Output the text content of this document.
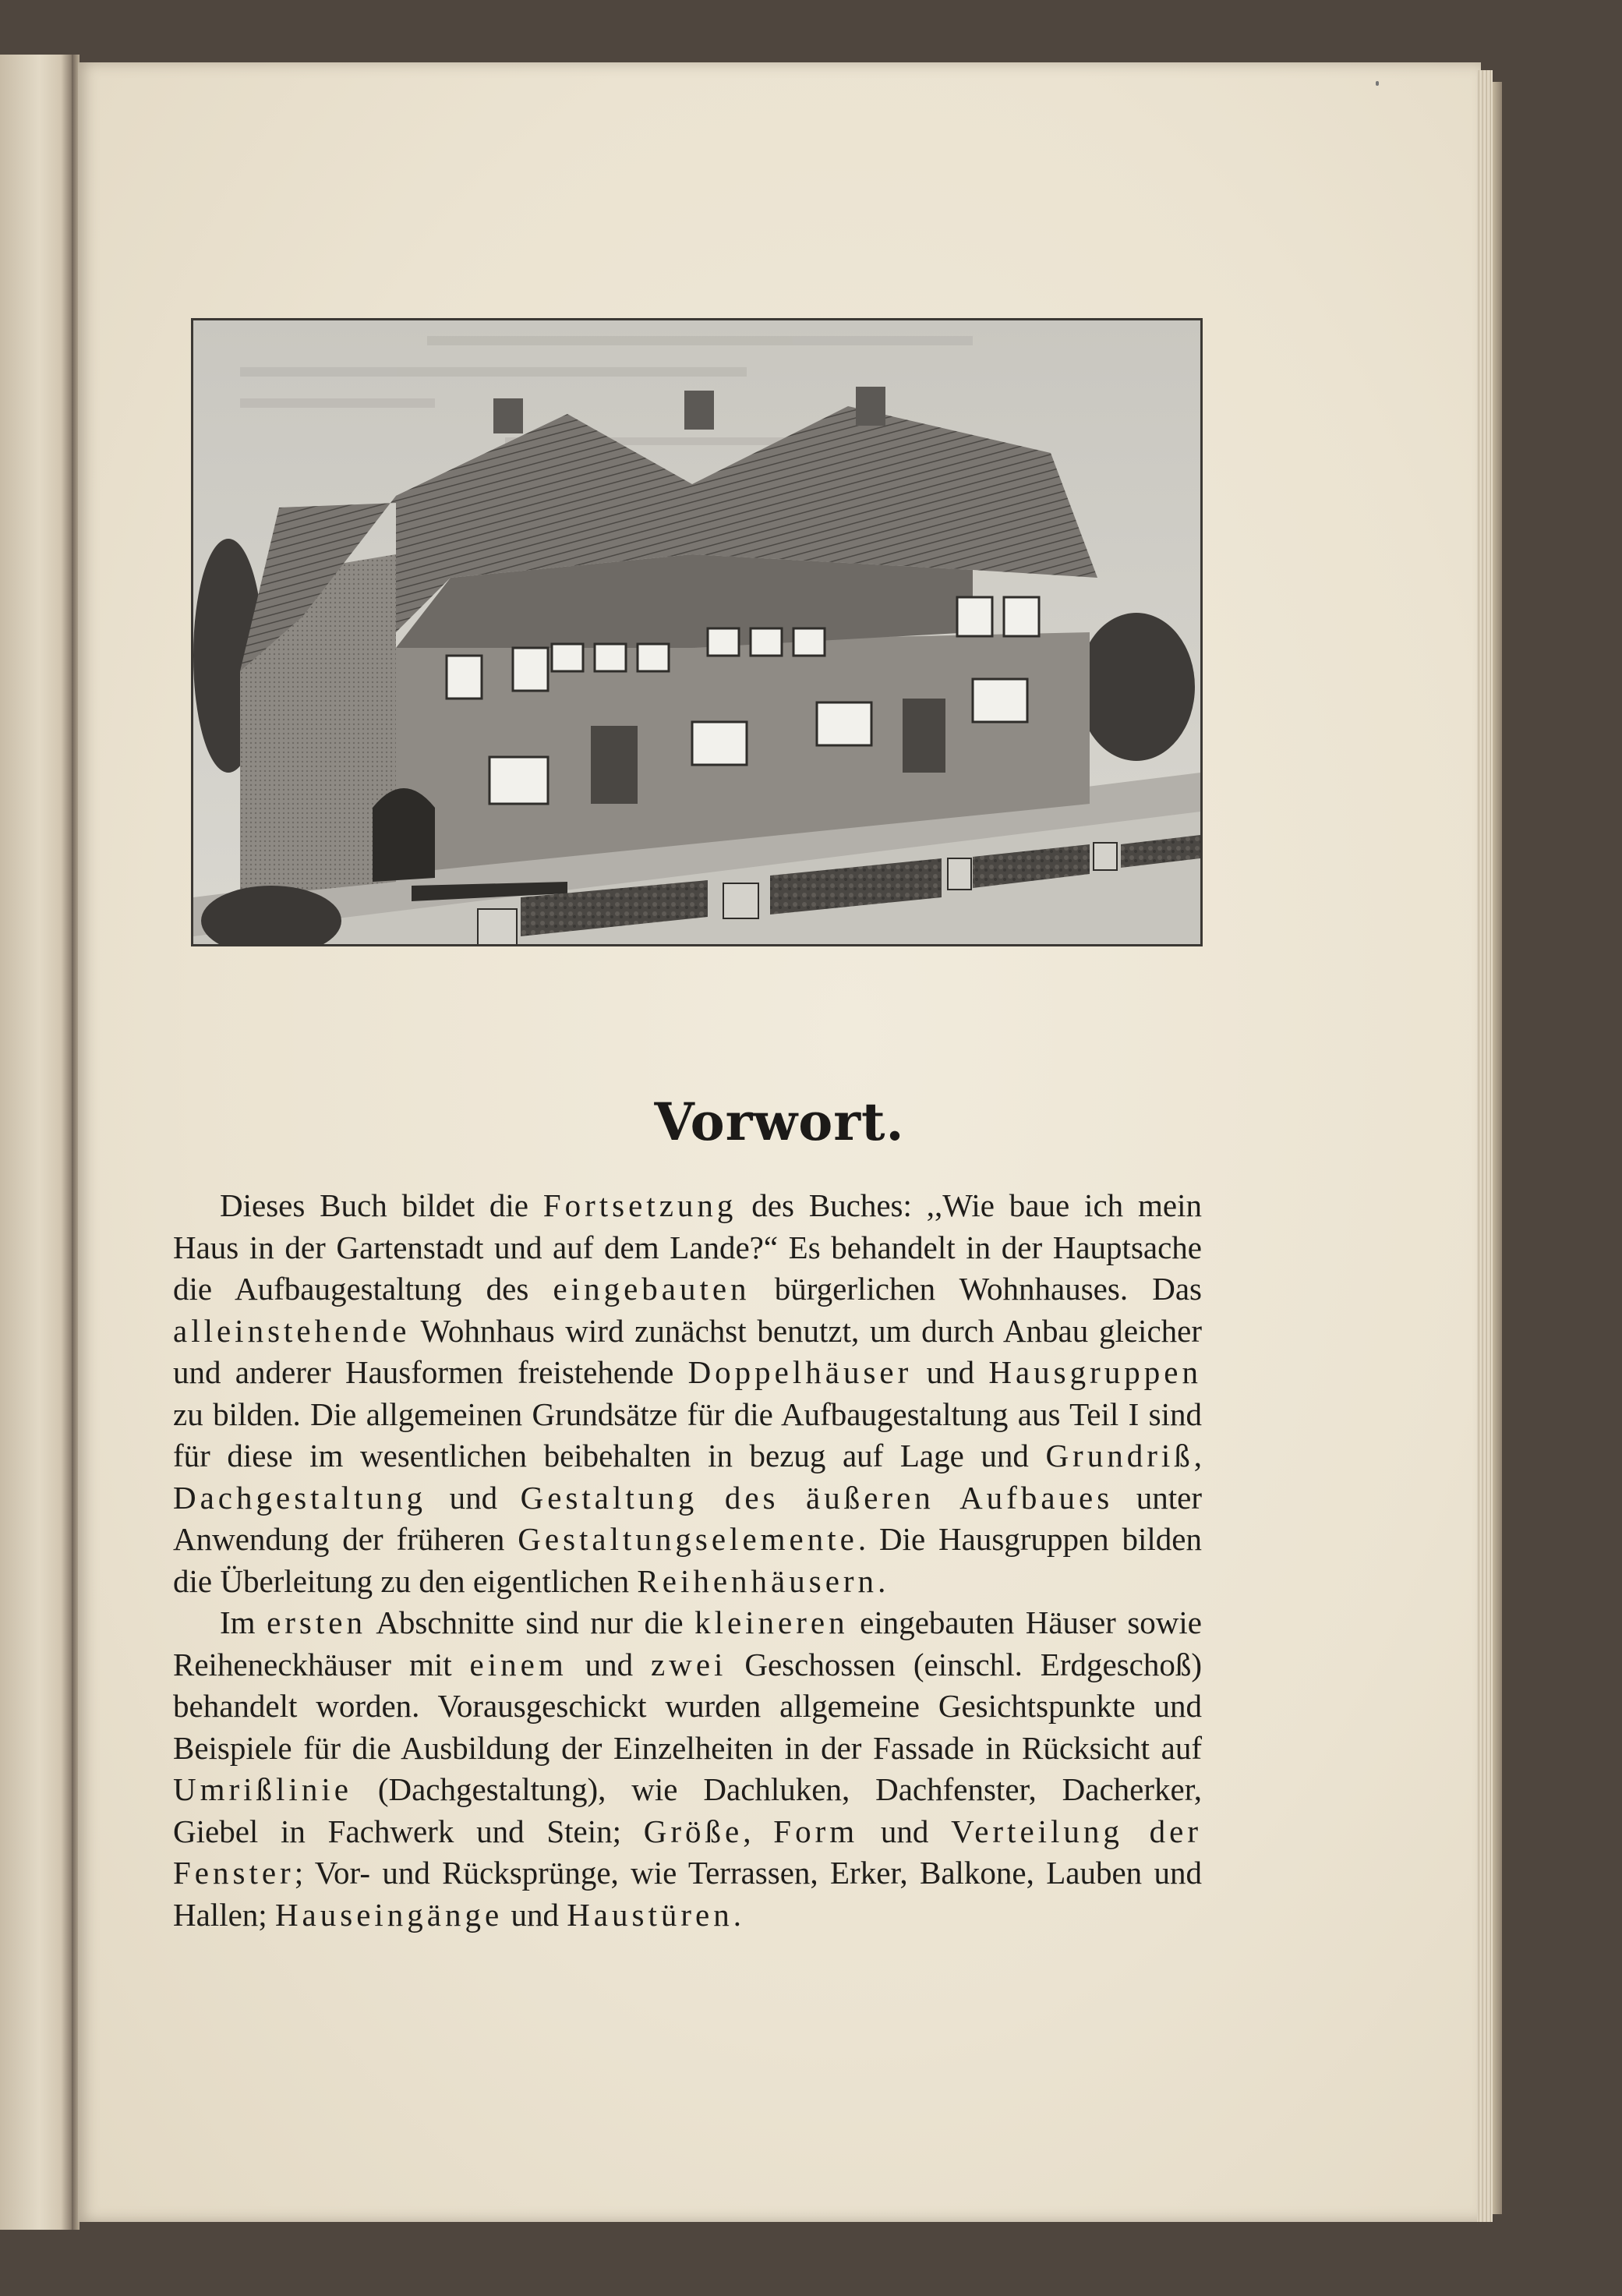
Vorwort.

Dieses Buch bildet die Fortsetzung des Buches: ,,Wie baue ich mein Haus in der Gartenstadt und auf dem Lande?“ Es behandelt in der Hauptsache die Aufbaugestaltung des eingebauten bürgerlichen Wohnhauses. Das alleinstehende Wohnhaus wird zunächst benutzt, um durch Anbau gleicher und anderer Hausformen freistehende Doppelhäuser und Hausgruppen zu bilden. Die allgemeinen Grundsätze für die Aufbaugestaltung aus Teil I sind für diese im wesentlichen beibehalten in bezug auf Lage und Grundriß, Dachgestaltung und Gestaltung des äußeren Aufbaues unter Anwendung der früheren Gestaltungselemente. Die Hausgruppen bilden die Überleitung zu den eigentlichen Reihenhäusern.

Im ersten Abschnitte sind nur die kleineren eingebauten Häuser sowie Reiheneckhäuser mit einem und zwei Geschossen (einschl. Erdgeschoß) behandelt worden. Vorausgeschickt wurden allgemeine Gesichtspunkte und Beispiele für die Ausbildung der Einzelheiten in der Fassade in Rücksicht auf Umrißlinie (Dachgestaltung), wie Dachluken, Dachfenster, Dacherker, Giebel in Fachwerk und Stein; Größe, Form und Verteilung der Fenster; Vor- und Rücksprünge, wie Terrassen, Erker, Balkone, Lauben und Hallen; Hauseingänge und Haustüren.
